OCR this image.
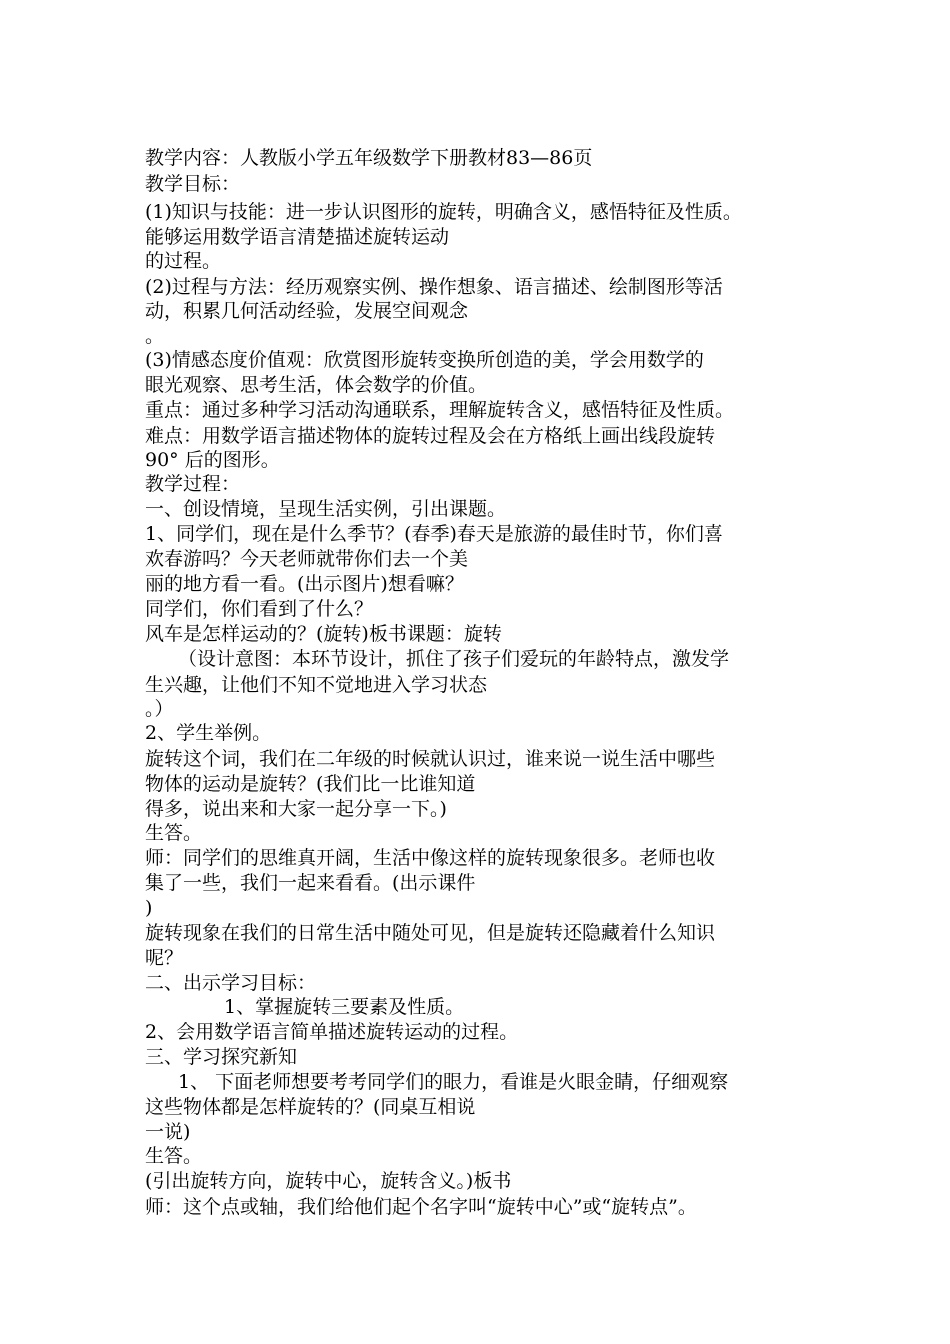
教学内容：人教版小学五年级数学下册教材83—86页
教学目标：
(1)知识与技能：进一步认识图形的旋转，明确含义，感悟特征及性质。
能够运用数学语言清楚描述旋转运动
的过程。
(2)过程与方法：经历观察实例、操作想象、语言描述、绘制图形等活
动，积累几何活动经验，发展空间观念
。
(3)情感态度价值观：欣赏图形旋转变换所创造的美，学会用数学的
眼光观察、思考生活，体会数学的价值。
重点：通过多种学习活动沟通联系，理解旋转含义，感悟特征及性质。
难点：用数学语言描述物体的旋转过程及会在方格纸上画出线段旋转
90° 后的图形。
教学过程：
一、创设情境，呈现生活实例，引出课题。
1、同学们，现在是什么季节？(春季)春天是旅游的最佳时节，你们喜
欢春游吗？今天老师就带你们去一个美
丽的地方看一看。(出示图片)想看嘛？
同学们，你们看到了什么？
风车是怎样运动的？(旋转)板书课题：旋转
（设计意图：本环节设计，抓住了孩子们爱玩的年龄特点，激发学
生兴趣，让他们不知不觉地进入学习状态
。）
2、学生举例。
旋转这个词，我们在二年级的时候就认识过，谁来说一说生活中哪些
物体的运动是旋转？(我们比一比谁知道
得多，说出来和大家一起分享一下。)
生答。
师：同学们的思维真开阔，生活中像这样的旋转现象很多。老师也收
集了一些，我们一起来看看。(出示课件
)
旋转现象在我们的日常生活中随处可见，但是旋转还隐藏着什么知识
呢？
二、出示学习目标：
1、掌握旋转三要素及性质。
2、会用数学语言简单描述旋转运动的过程。
三、学习探究新知
1、 下面老师想要考考同学们的眼力，看谁是火眼金睛，仔细观察
这些物体都是怎样旋转的？(同桌互相说
一说)
生答。
(引出旋转方向，旋转中心，旋转含义。)板书
师：这个点或轴，我们给他们起个名字叫“旋转中心”或“旋转点”。
